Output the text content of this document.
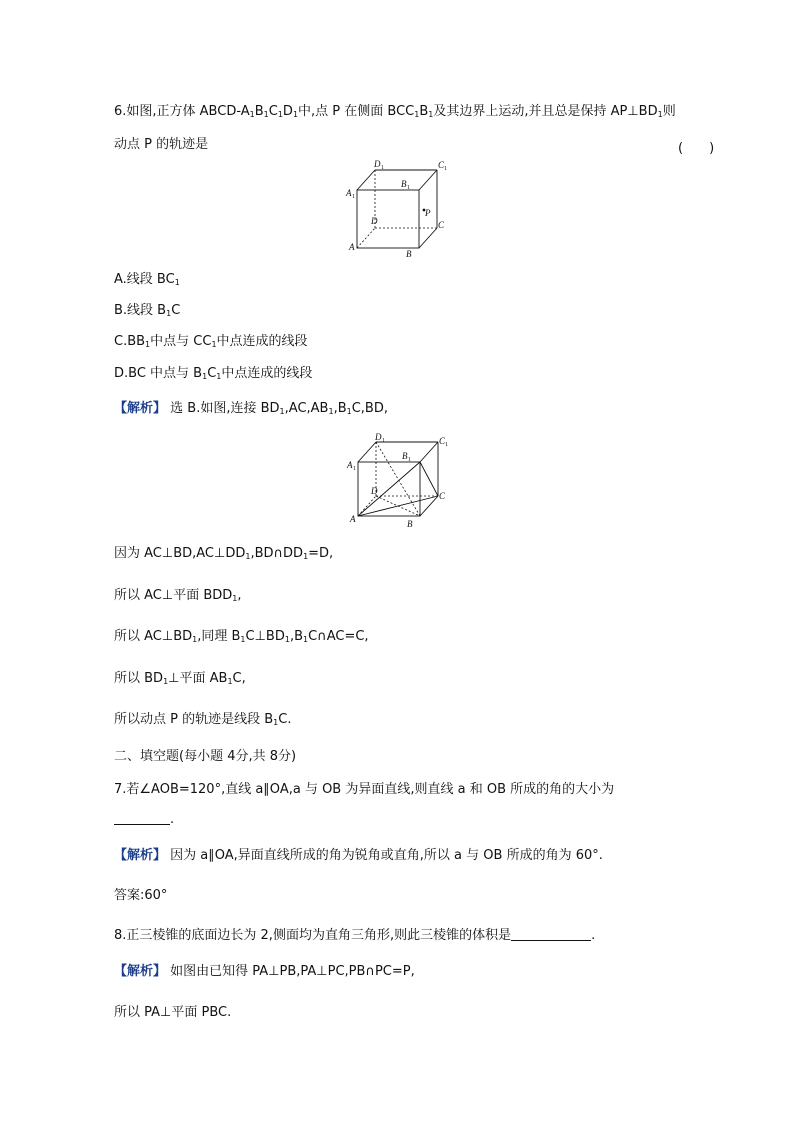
6.如图,正方体 ABCD-$A_1B_1C_1D_1$中,点 P 在侧面 $BCC_1B_1$及其边界上运动,并且总是保持 $AP\perp BD_1$则
动点 P 的轨迹是	(　　)
D 1	C 1
A 1
B 1
D	C
A
B
P
A.线段 $BC_1$
B.线段 $B_1C$
$C.BB_1$中点与 $CC_1$中点连成的线段
D.BC 中点与 $B_1C_1$中点连成的线段
【解析】 选 B.如图,连接 $BD_1,AC,AB_1,B_1C,BD$,
D 1	C 1
A 1
B 1
D	C
A	B
因为 $AC\perp BD,AC\perp DD_1,BD\cap DD_1=D$,
所以 AC⊥平面 $BDD_1$,
所以 $AC\perp BD_1$,同理 $B_1C\perp BD_1,B_1C\cap AC=C$,
所以 $BD_1\perp$平面 $AB_1C$,
所以动点 P 的轨迹是线段 $B_1C$.
二、填空题(每小题 4分,共 8分)
7.若∠AOB=120°,直线 a∥OA,a 与 OB 为异面直线,则直线 a 和 OB 所成的角的大小为
.
【解析】 因为 a∥OA,异面直线所成的角为锐角或直角,所以 a 与 OB 所成的角为 60°.
答案:60°
8.正三棱锥的底面边长为 2,侧面均为直角三角形,则此三棱锥的体积是	.
【解析】 如图由已知得 PA⊥PB,PA⊥PC,PB∩PC=P,
所以 PA⊥平面 PBC.
